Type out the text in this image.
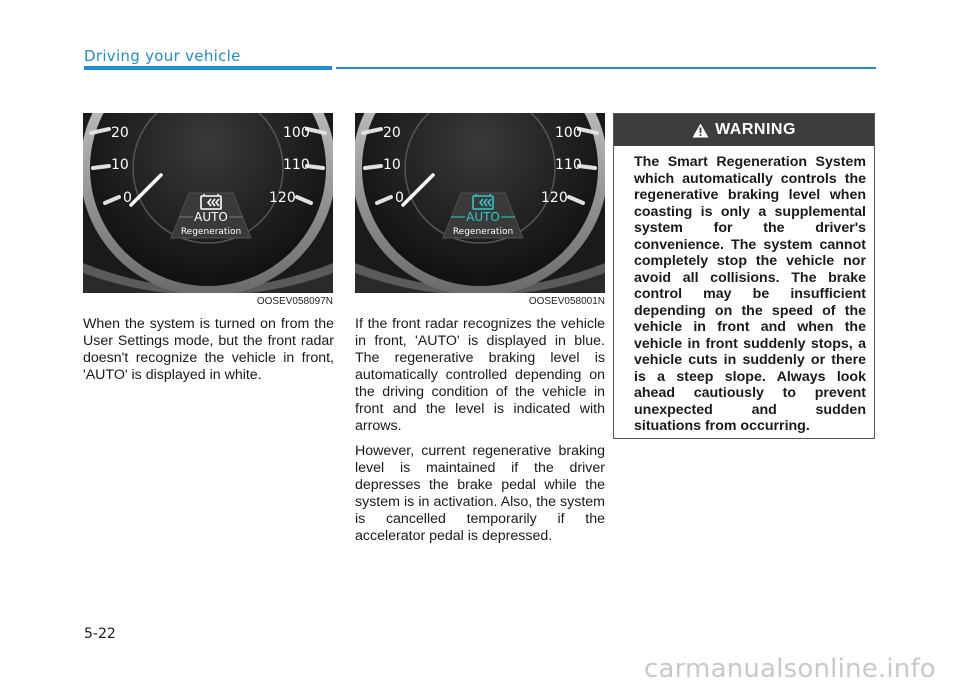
Driving your vehicle
20
10
0
100
110
120
AUTO
Regeneration
OOSEV058097N
20
10
0
100
110
120
AUTO
Regeneration
OOSEV058001N
When the system is turned on from the User Settings mode, but the front radar doesn't recognize the vehicle in front, 'AUTO' is displayed in white.

If the front radar recognizes the vehicle in front, 'AUTO' is displayed in blue. The regenerative braking level is automatically controlled depending on the driving condition of the vehicle in front and the level is indicated with arrows.

However, current regenerative braking level is maintained if the driver depresses the brake pedal while the system is in activation. Also, the system is cancelled temporarily if the accelerator pedal is depressed.

WARNING
The Smart Regeneration System which automatically controls the regenerative braking level when coasting is only a supplemental system for the driver's convenience. The system cannot completely stop the vehicle nor avoid all collisions. The brake control may be insufficient depending on the speed of the vehicle in front and when the vehicle in front suddenly stops, a vehicle cuts in suddenly or there is a steep slope. Always look ahead cautiously to prevent unexpected and sudden situations from occurring.
5-22
carmanualsonline.info
